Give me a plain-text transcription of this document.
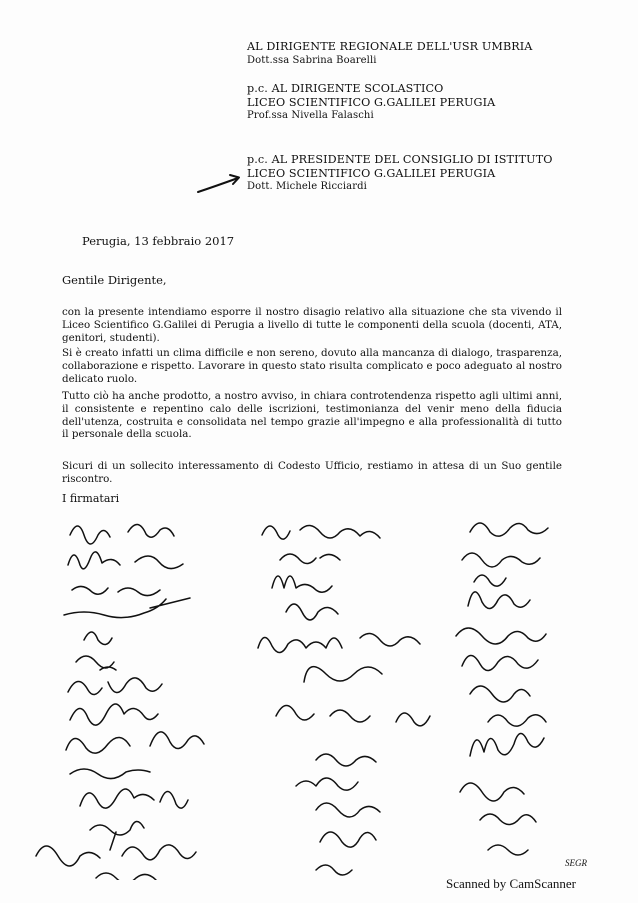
AL DIRIGENTE REGIONALE DELL'USR UMBRIA
Dott.ssa Sabrina Boarelli
p.c. AL DIRIGENTE SCOLASTICO
LICEO SCIENTIFICO G.GALILEI PERUGIA
Prof.ssa Nivella Falaschi
p.c. AL PRESIDENTE DEL CONSIGLIO DI ISTITUTO
LICEO SCIENTIFICO G.GALILEI PERUGIA
Dott. Michele Ricciardi
Perugia, 13 febbraio 2017
Gentile Dirigente,
con la presente intendiamo esporre il nostro disagio relativo alla situazione che sta vivendo il Liceo Scientifico G.Galilei di Perugia a livello di tutte le componenti della scuola (docenti, ATA, genitori, studenti).
Si è creato infatti un clima difficile e non sereno, dovuto alla mancanza di dialogo, trasparenza, collaborazione e rispetto. Lavorare in questo stato risulta complicato e poco adeguato al nostro delicato ruolo.
Tutto ciò ha anche prodotto, a nostro avviso, in chiara controtendenza rispetto agli ultimi anni, il consistente e repentino calo delle iscrizioni, testimonianza del venir meno della fiducia dell'utenza, costruita e consolidata nel tempo grazie all'impegno e alla professionalità di tutto il personale della scuola.
Sicuri di un sollecito interessamento di Codesto Ufficio, restiamo in attesa di un Suo gentile riscontro.
I firmatari
SEGR
Scanned by CamScanner
